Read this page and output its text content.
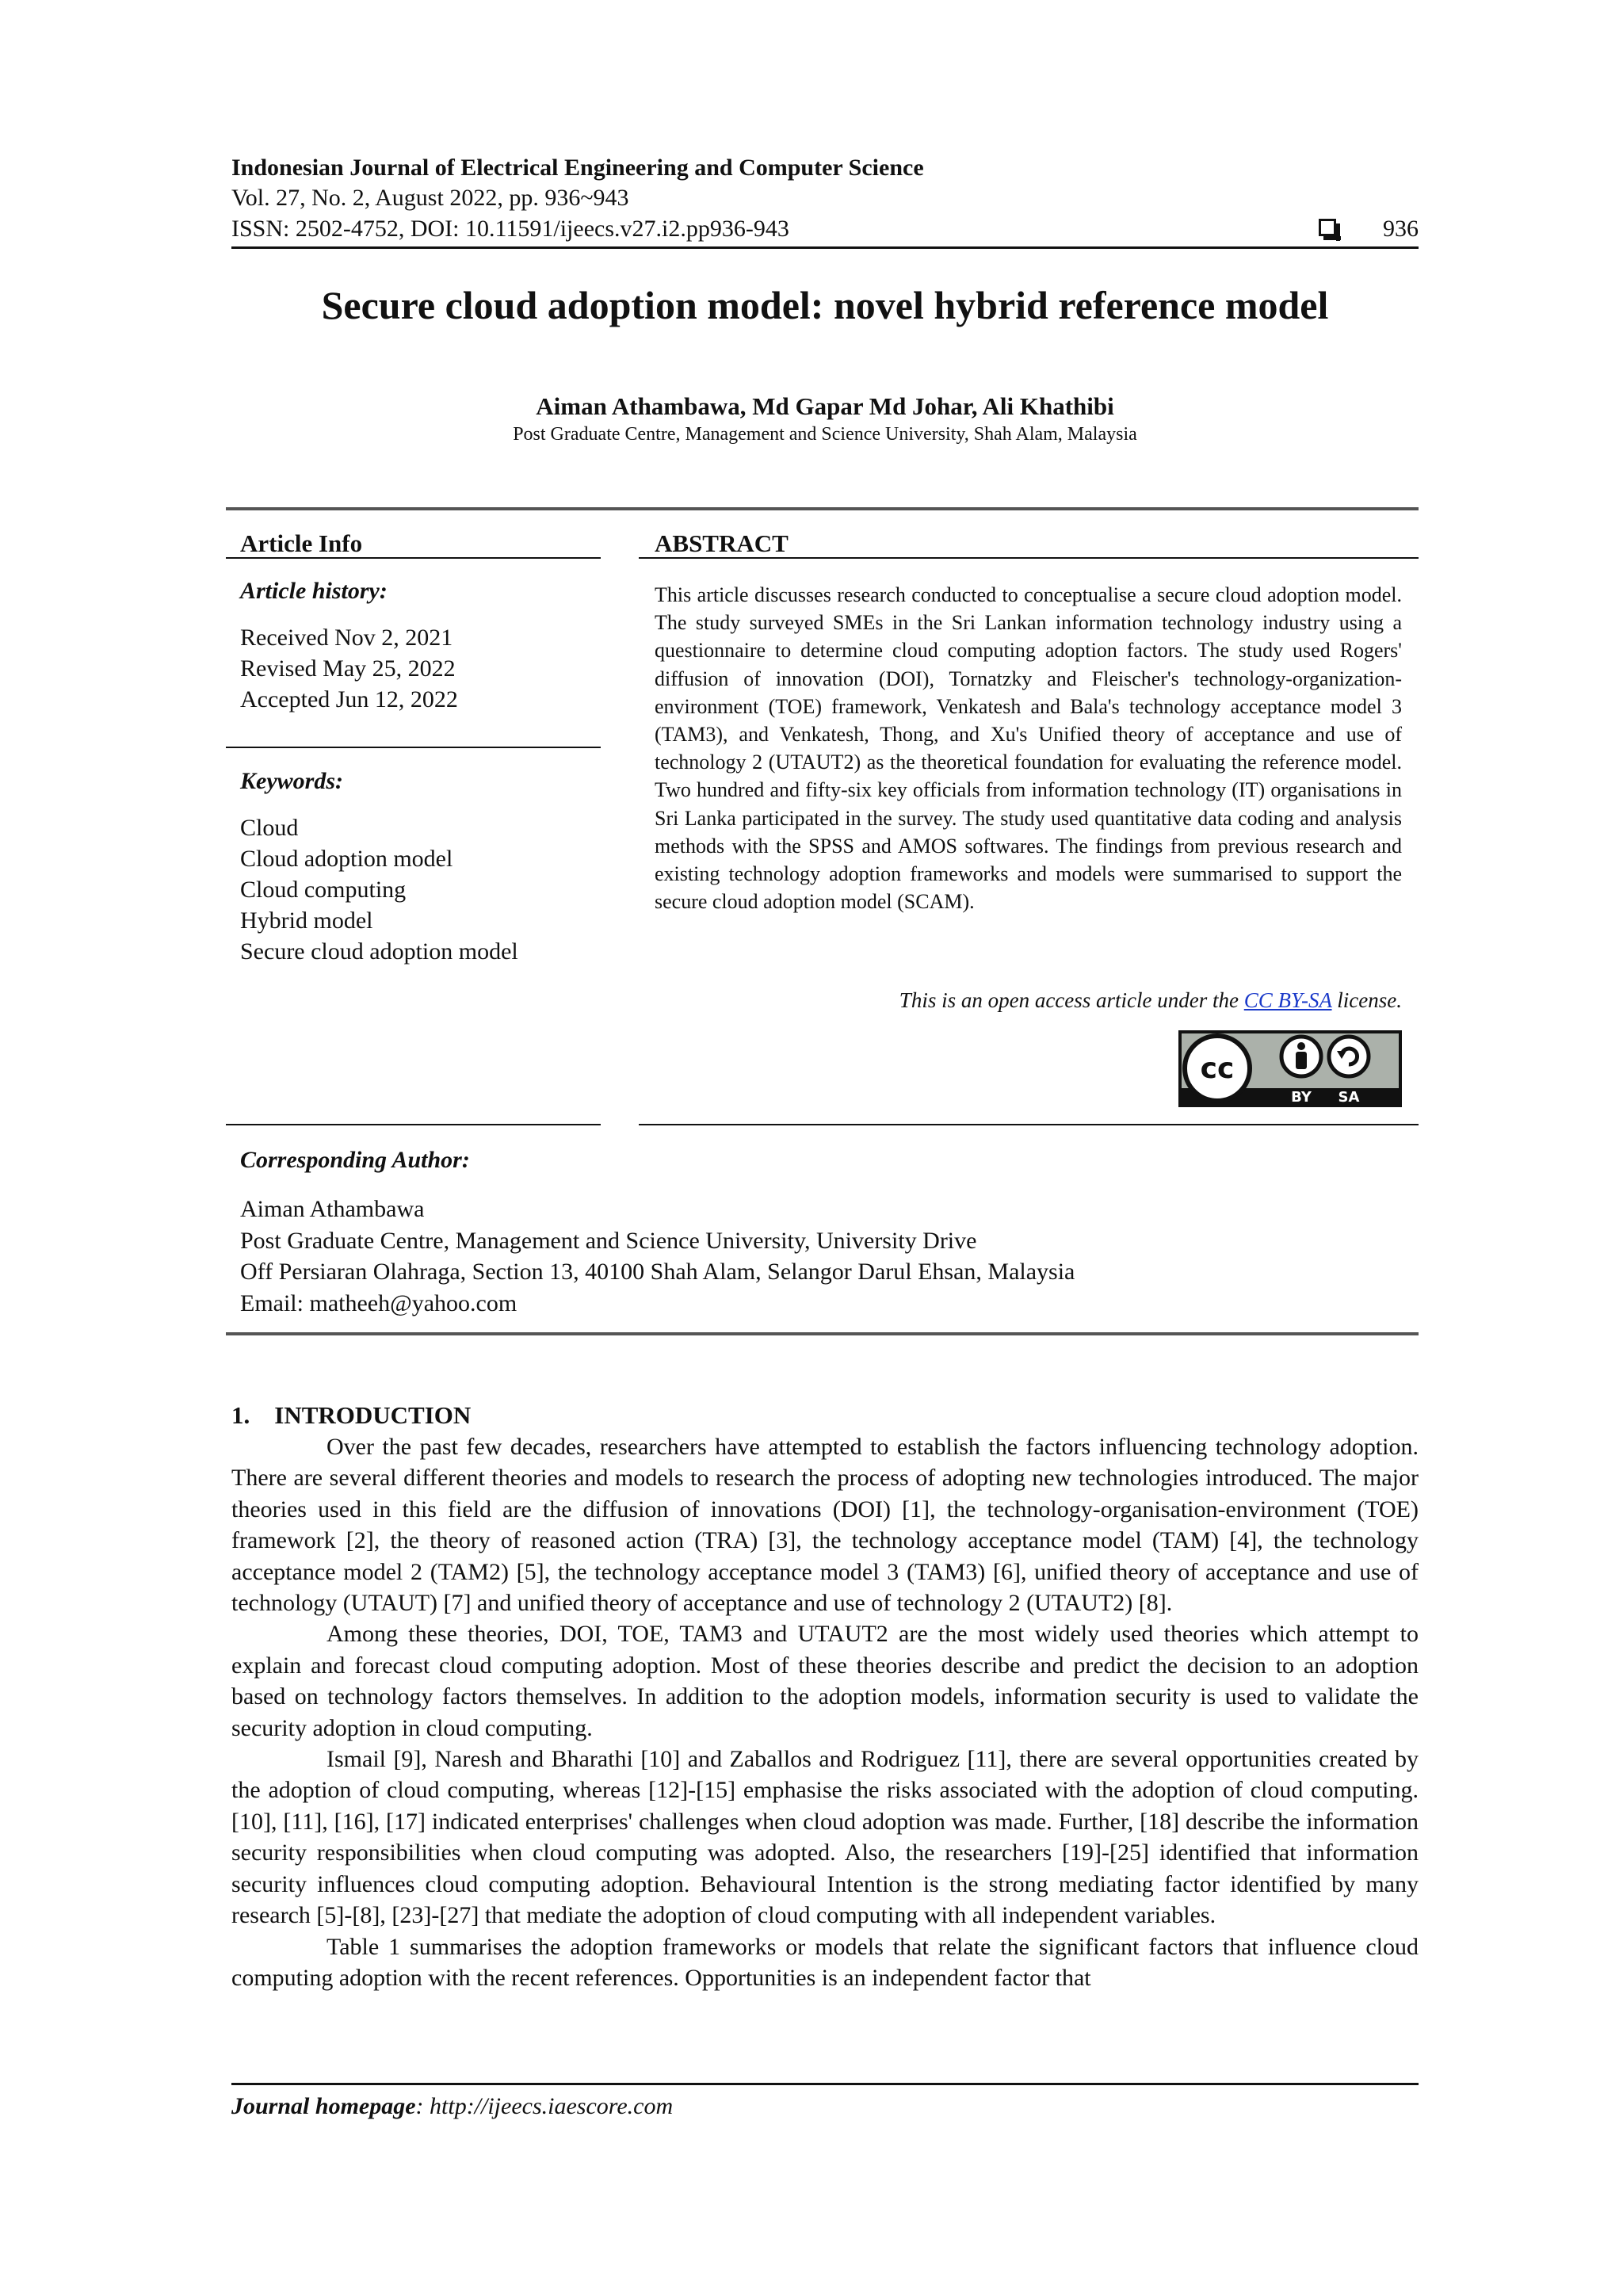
Indonesian Journal of Electrical Engineering and Computer Science
Vol. 27, No. 2, August 2022, pp. 936~943
ISSN: 2502-4752, DOI: 10.11591/ijeecs.v27.i2.pp936-943	936
Secure cloud adoption model: novel hybrid reference model
Aiman Athambawa, Md Gapar Md Johar, Ali Khathibi
Post Graduate Centre, Management and Science University, Shah Alam, Malaysia
Article Info
Article history:
Received Nov 2, 2021
Revised May 25, 2022
Accepted Jun 12, 2022
Keywords:
Cloud
Cloud adoption model
Cloud computing
Hybrid model
Secure cloud adoption model
ABSTRACT
This article discusses research conducted to conceptualise a secure cloud adoption model. The study surveyed SMEs in the Sri Lankan information technology industry using a questionnaire to determine cloud computing adoption factors. The study used Rogers' diffusion of innovation (DOI), Tornatzky and Fleischer's technology-organization-environment (TOE) framework, Venkatesh and Bala's technology acceptance model 3 (TAM3), and Venkatesh, Thong, and Xu's Unified theory of acceptance and use of technology 2 (UTAUT2) as the theoretical foundation for evaluating the reference model. Two hundred and fifty-six key officials from information technology (IT) organisations in Sri Lanka participated in the survey. The study used quantitative data coding and analysis methods with the SPSS and AMOS softwares. The findings from previous research and existing technology adoption frameworks and models were summarised to support the secure cloud adoption model (SCAM).
This is an open access article under the CC BY-SA license.
cc
BY SA
Corresponding Author:
Aiman Athambawa
Post Graduate Centre, Management and Science University, University Drive
Off Persiaran Olahraga, Section 13, 40100 Shah Alam, Selangor Darul Ehsan, Malaysia
Email: matheeh@yahoo.com
1.    INTRODUCTION

Over the past few decades, researchers have attempted to establish the factors influencing technology adoption. There are several different theories and models to research the process of adopting new technologies introduced. The major theories used in this field are the diffusion of innovations (DOI) [1], the technology-organisation-environment (TOE) framework [2], the theory of reasoned action (TRA) [3], the technology acceptance model (TAM) [4], the technology acceptance model 2 (TAM2) [5], the technology acceptance model 3 (TAM3) [6], unified theory of acceptance and use of technology (UTAUT) [7] and unified theory of acceptance and use of technology 2 (UTAUT2) [8].

Among these theories, DOI, TOE, TAM3 and UTAUT2 are the most widely used theories which attempt to explain and forecast cloud computing adoption. Most of these theories describe and predict the decision to an adoption based on technology factors themselves. In addition to the adoption models, information security is used to validate the security adoption in cloud computing.

Ismail [9], Naresh and Bharathi [10] and Zaballos and Rodriguez [11], there are several opportunities created by the adoption of cloud computing, whereas [12]-[15] emphasise the risks associated with the adoption of cloud computing. [10], [11], [16], [17] indicated enterprises' challenges when cloud adoption was made. Further, [18] describe the information security responsibilities when cloud computing was adopted. Also, the researchers [19]-[25] identified that information security influences cloud computing adoption. Behavioural Intention is the strong mediating factor identified by many research [5]-[8], [23]-[27] that mediate the adoption of cloud computing with all independent variables.

Table 1 summarises the adoption frameworks or models that relate the significant factors that influence cloud computing adoption with the recent references. Opportunities is an independent factor that

Journal homepage: http://ijeecs.iaescore.com
